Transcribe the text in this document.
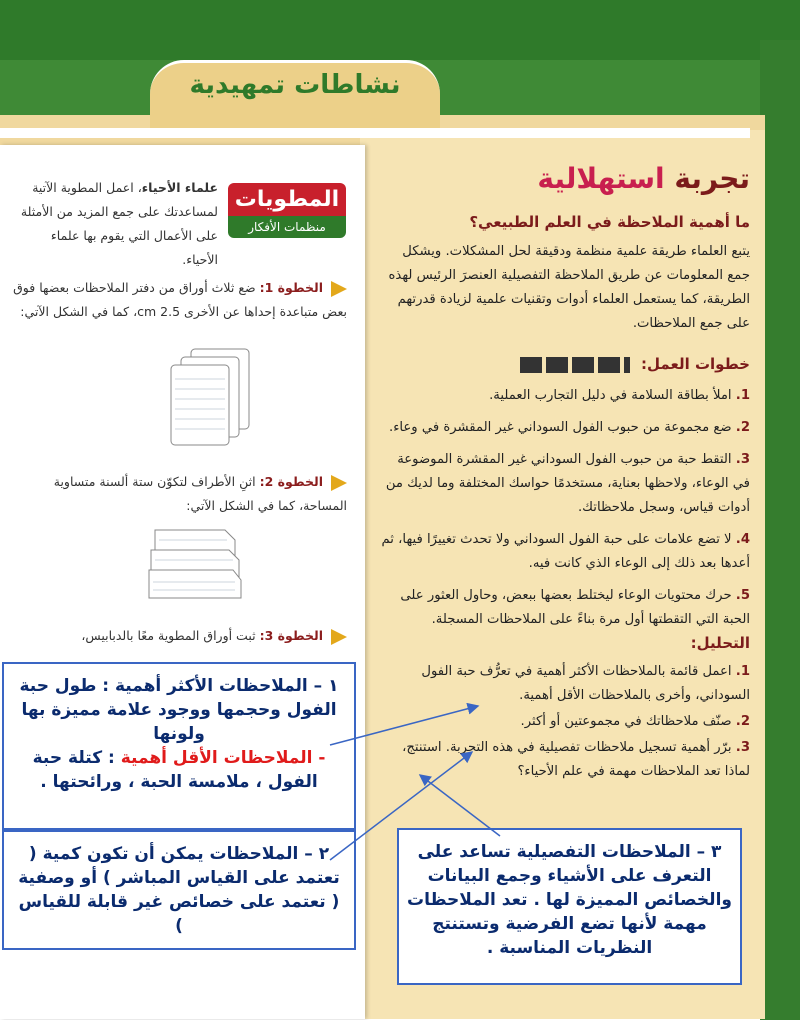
نشاطات تمهيدية
تجربة استهلالية
ما أهمية الملاحظة في العلم الطبيعي؟
يتبع العلماء طريقة علمية منظمة ودقيقة لحل المشكلات. ويشكل جمع المعلومات عن طريق الملاحظة التفصيلية العنصرَ الرئيس لهذه الطريقة، كما يستعمل العلماء أدوات وتقنيات علمية لزيادة قدرتهم على جمع الملاحظات.
خطوات العمل:
1. املأ بطاقة السلامة في دليل التجارب العملية.
2. ضع مجموعة من حبوب الفول السوداني غير المقشرة في وعاء.
3. التقط حبة من حبوب الفول السوداني غير المقشرة الموضوعة في الوعاء، ولاحظها بعناية، مستخدمًا حواسك المختلفة وما لديك من أدوات قياس، وسجل ملاحظاتك.
4. لا تضع علامات على حبة الفول السوداني ولا تحدث تغييرًا فيها، ثم أعدها بعد ذلك إلى الوعاء الذي كانت فيه.
5. حرك محتويات الوعاء ليختلط بعضها ببعض، وحاول العثور على الحبة التي التقطتها أول مرة بناءً على الملاحظات المسجلة.
التحليل:
1. اعمل قائمة بالملاحظات الأكثر أهمية في تعرُّف حبة الفول السوداني، وأخرى بالملاحظات الأقل أهمية.
2. صنّف ملاحظاتك في مجموعتين أو أكثر.
3. برّر أهمية تسجيل ملاحظات تفصيلية في هذه التجربة. استنتج، لماذا تعد الملاحظات مهمة في علم الأحياء؟
المطويات
منظمات الأفكار
علماء الأحياء، اعمل المطوية الآتية لمساعدتك على جمع المزيد من الأمثلة على الأعمال التي يقوم بها علماء الأحياء.
الخطوة 1: ضع ثلاث أوراق من دفتر الملاحظات بعضها فوق بعض متباعدة إحداها عن الأخرى 2.5 cm، كما في الشكل الآتي:
الخطوة 2: اثنِ الأطراف لتكوّن ستة ألسنة متساوية المساحة، كما في الشكل الآتي:
الخطوة 3: ثبت أوراق المطوية معًا بالدبابيس،
١ – الملاحظات الأكثر أهمية : طول حبة الفول وحجمها ووجود علامة مميزة بها ولونها
- الملاحظات الأقل أهمية : كتلة حبة الفول ، ملامسة الحبة ، ورائحتها .
٢ – الملاحظات يمكن أن تكون كمية ( تعتمد على القياس المباشر ) أو وصفية ( تعتمد على خصائص غير قابلة للقياس )
٣ – الملاحظات التفصيلية تساعد على التعرف على الأشياء وجمع البيانات والخصائص المميزة لها . تعد الملاحظات مهمة لأنها تضع الفرضية وتستنتج النظريات المناسبة .
